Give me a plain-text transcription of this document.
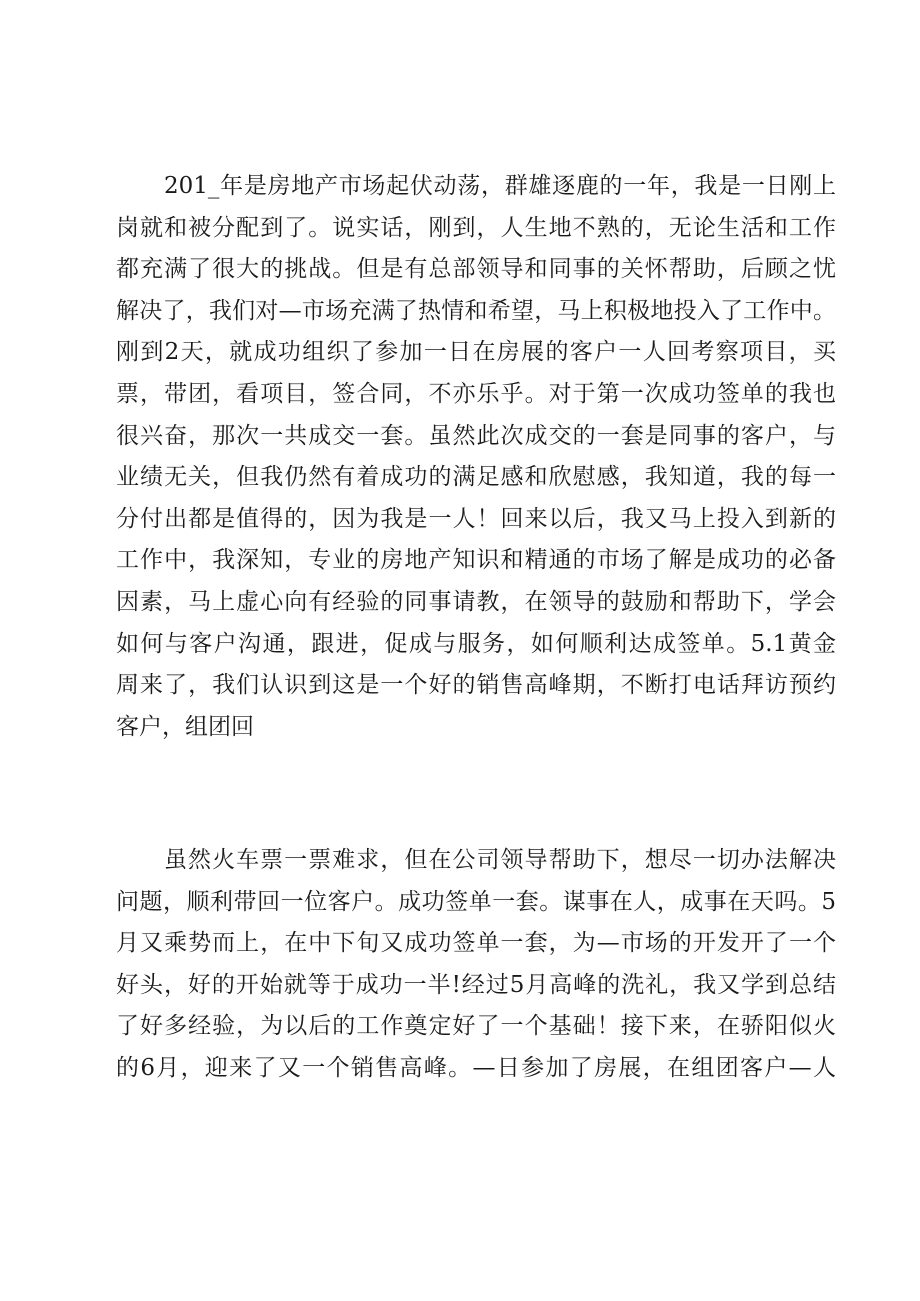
201_年是房地产市场起伏动荡，群雄逐鹿的一年，我是一日刚上
岗就和被分配到了。说实话，刚到，人生地不熟的，无论生活和工作
都充满了很大的挑战。但是有总部领导和同事的关怀帮助，后顾之忧
解决了，我们对—市场充满了热情和希望，马上积极地投入了工作中。
刚到2天，就成功组织了参加一日在房展的客户一人回考察项目，买
票，带团，看项目，签合同，不亦乐乎。对于第一次成功签单的我也
很兴奋，那次一共成交一套。虽然此次成交的一套是同事的客户，与
业绩无关，但我仍然有着成功的满足感和欣慰感，我知道，我的每一
分付出都是值得的，因为我是一人！回来以后，我又马上投入到新的
工作中，我深知，专业的房地产知识和精通的市场了解是成功的必备
因素，马上虚心向有经验的同事请教，在领导的鼓励和帮助下，学会
如何与客户沟通，跟进，促成与服务，如何顺利达成签单。5.1黄金
周来了，我们认识到这是一个好的销售高峰期，不断打电话拜访预约
客户，组团回

虽然火车票一票难求，但在公司领导帮助下，想尽一切办法解决
问题，顺利带回一位客户。成功签单一套。谋事在人，成事在天吗。5
月又乘势而上，在中下旬又成功签单一套，为—市场的开发开了一个
好头，好的开始就等于成功一半!经过5月高峰的洗礼，我又学到总结
了好多经验，为以后的工作奠定好了一个基础！接下来，在骄阳似火
的6月，迎来了又一个销售高峰。—日参加了房展，在组团客户—人
